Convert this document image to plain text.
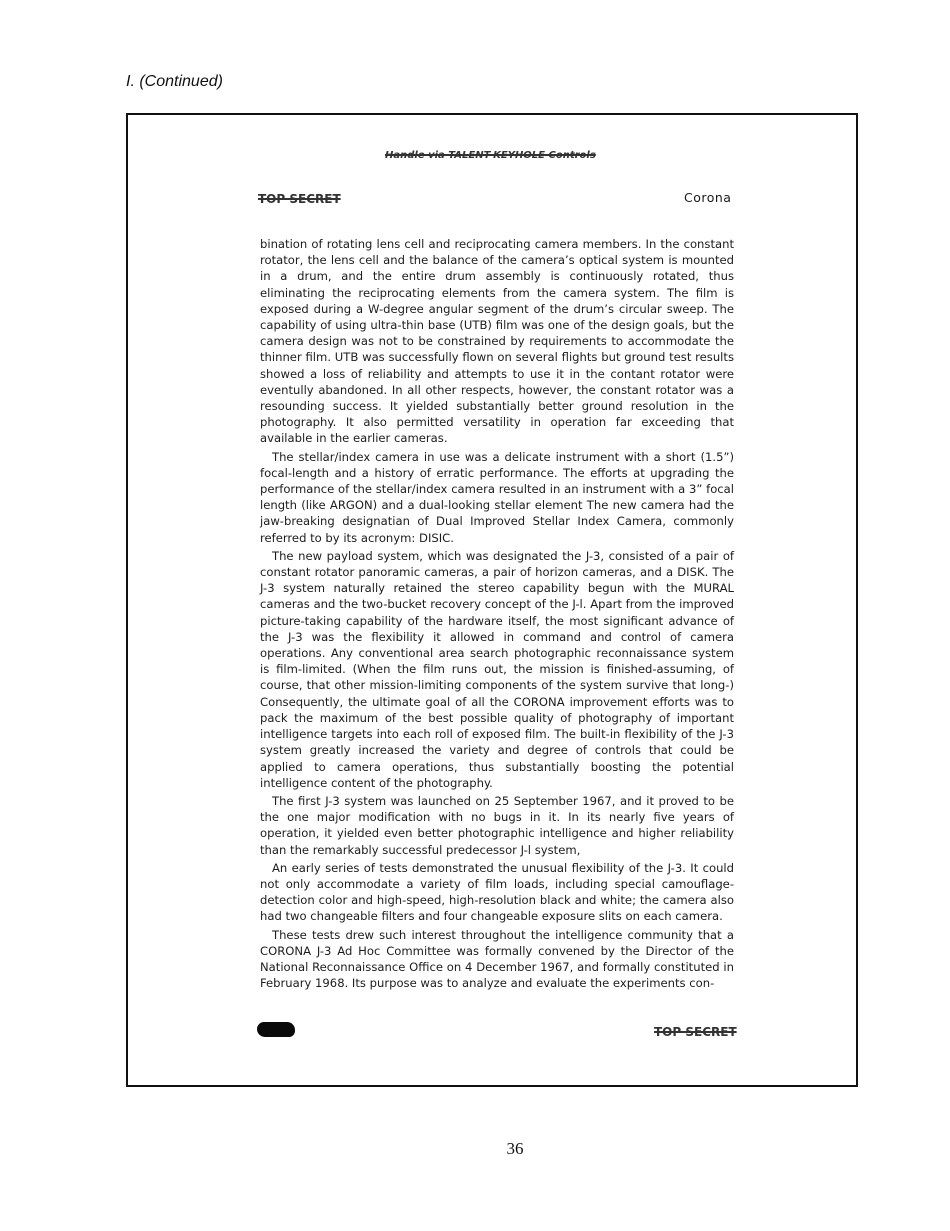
I. (Continued)
Handle via TALENT-KEYHOLE Controls
TOP SECRET	Corona

bination of rotating lens cell and reciprocating camera members. In the constant rotator, the lens cell and the balance of the camera’s optical system is mounted in a drum, and the entire drum assembly is continuously rotated, thus eliminating the reciprocating elements from the camera system. The film is exposed during a W-degree angular segment of the drum’s circular sweep. The capability of using ultra-thin base (UTB) film was one of the design goals, but the camera design was not to be constrained by requirements to accommodate the thinner film. UTB was successfully flown on several flights but ground test results showed a loss of reliability and attempts to use it in the contant rotator were eventully abandoned. In all other respects, however, the constant rotator was a resounding success. It yielded substantially better ground resolution in the photography. It also permitted versatility in operation far exceeding that available in the earlier cameras.

The stellar/index camera in use was a delicate instrument with a short (1.5”) focal-length and a history of erratic performance. The efforts at upgrading the performance of the stellar/index camera resulted in an instrument with a 3” focal length (like ARGON) and a dual-looking stellar element The new camera had the jaw-breaking designatian of Dual Improved Stellar Index Camera, commonly referred to by its acronym: DISIC.

The new payload system, which was designated the J-3, consisted of a pair of constant rotator panoramic cameras, a pair of horizon cameras, and a DISK. The J-3 system naturally retained the stereo capability begun with the MURAL cameras and the two-bucket recovery concept of the J-l. Apart from the improved picture-taking capability of the hardware itself, the most significant advance of the J-3 was the flexibility it allowed in command and control of camera operations. Any conventional area search photographic reconnaissance system is film-limited. (When the film runs out, the mission is finished-assuming, of course, that other mission-limiting components of the system survive that long-) Consequently, the ultimate goal of all the CORONA improvement efforts was to pack the maximum of the best possible quality of photography of important intelligence targets into each roll of exposed film. The built-in flexibility of the J-3 system greatly increased the variety and degree of controls that could be applied to camera operations, thus substantially boosting the potential intelligence content of the photography.

The first J-3 system was launched on 25 September 1967, and it proved to be the one major modification with no bugs in it. In its nearly five years of operation, it yielded even better photographic intelligence and higher reliability than the remarkably successful predecessor J-l system,

An early series of tests demonstrated the unusual flexibility of the J-3. It could not only accommodate a variety of film loads, including special camouflage-detection color and high-speed, high-resolution black and white; the camera also had two changeable filters and four changeable exposure slits on each camera.

These tests drew such interest throughout the intelligence community that a CORONA J-3 Ad Hoc Committee was formally convened by the Director of the National Reconnaissance Office on 4 December 1967, and formally constituted in February 1968. Its purpose was to analyze and evaluate the experiments con-

TOP SECRET
36
